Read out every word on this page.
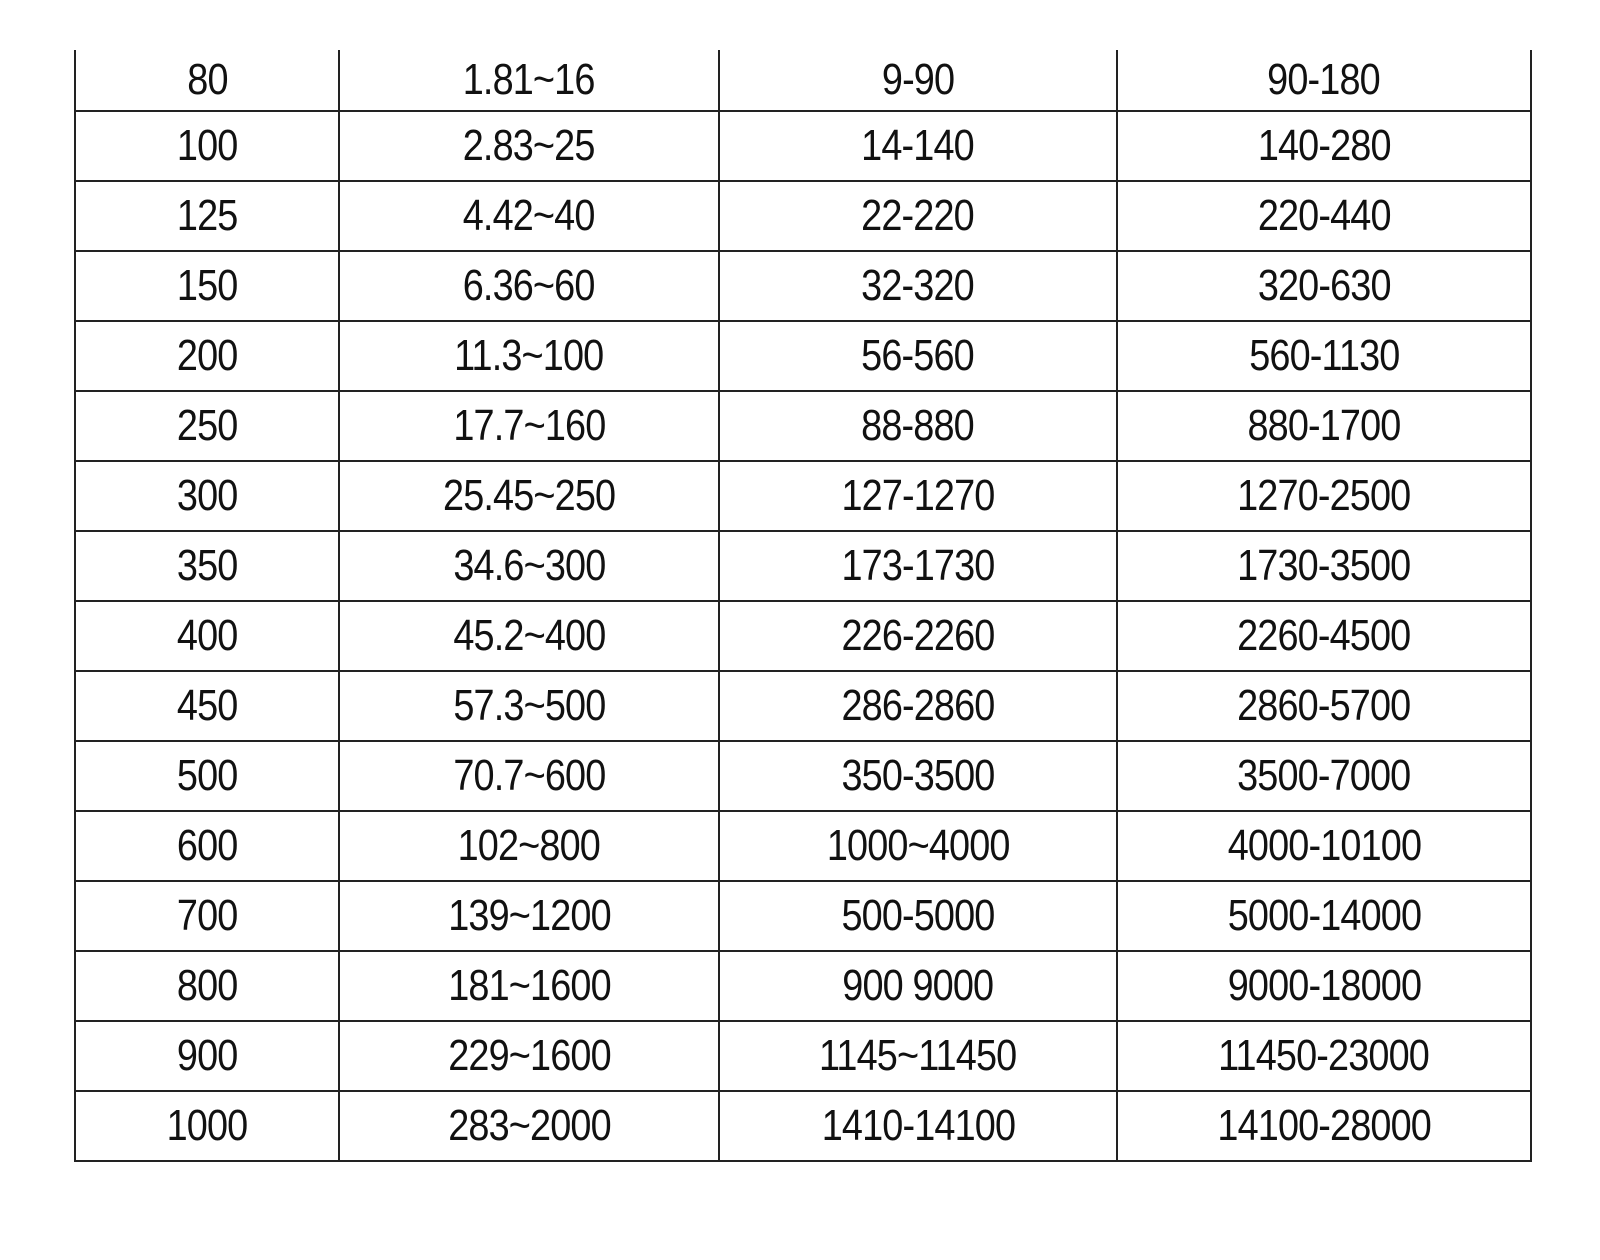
80	1.81~16	9-90	90-180
100	2.83~25	14-140	140-280
125	4.42~40	22-220	220-440
150	6.36~60	32-320	320-630
200	11.3~100	56-560	560-1130
250	17.7~160	88-880	880-1700
300	25.45~250	127-1270	1270-2500
350	34.6~300	173-1730	1730-3500
400	45.2~400	226-2260	2260-4500
450	57.3~500	286-2860	2860-5700
500	70.7~600	350-3500	3500-7000
600	102~800	1000~4000	4000-10100
700	139~1200	500-5000	5000-14000
800	181~1600	900 9000	9000-18000
900	229~1600	1145~11450	11450-23000
1000	283~2000	1410-14100	14100-28000
